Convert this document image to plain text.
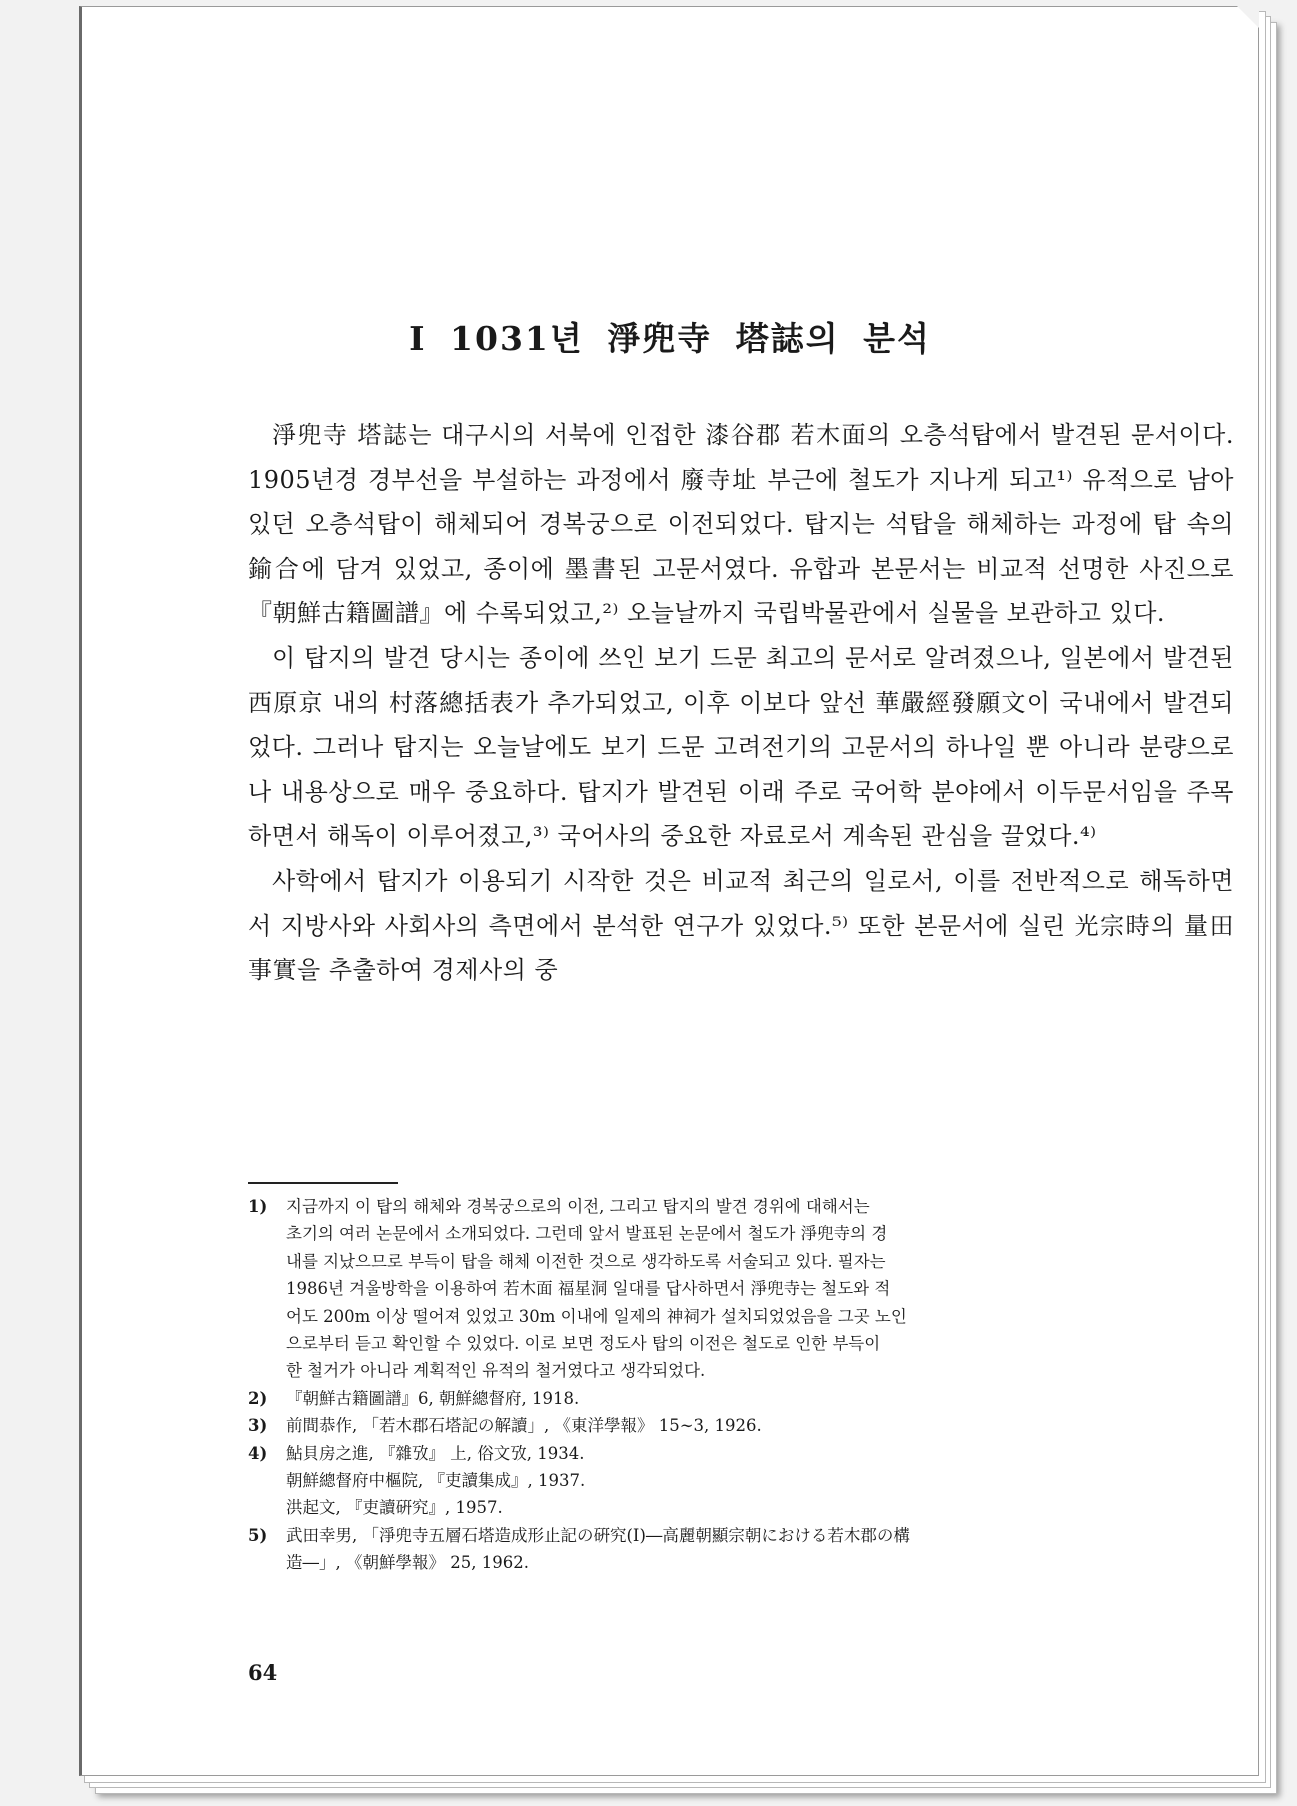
I 1031년 淨兜寺 塔誌의 분석

淨兜寺 塔誌는 대구시의 서북에 인접한 漆谷郡 若木面의 오층석탑에서 발견된 문서이다. 1905년경 경부선을 부설하는 과정에서 廢寺址 부근에 철도가 지나게 되고¹⁾ 유적으로 남아 있던 오층석탑이 해체되어 경복궁으로 이전되었다. 탑지는 석탑을 해체하는 과정에 탑 속의 鍮合에 담겨 있었고, 종이에 墨書된 고문서였다. 유합과 본문서는 비교적 선명한 사진으로 『朝鮮古籍圖譜』에 수록되었고,²⁾ 오늘날까지 국립박물관에서 실물을 보관하고 있다.

이 탑지의 발견 당시는 종이에 쓰인 보기 드문 최고의 문서로 알려졌으나, 일본에서 발견된 西原京 내의 村落總括表가 추가되었고, 이후 이보다 앞선 華嚴經發願文이 국내에서 발견되었다. 그러나 탑지는 오늘날에도 보기 드문 고려전기의 고문서의 하나일 뿐 아니라 분량으로나 내용상으로 매우 중요하다. 탑지가 발견된 이래 주로 국어학 분야에서 이두문서임을 주목하면서 해독이 이루어졌고,³⁾ 국어사의 중요한 자료로서 계속된 관심을 끌었다.⁴⁾

사학에서 탑지가 이용되기 시작한 것은 비교적 최근의 일로서, 이를 전반적으로 해독하면서 지방사와 사회사의 측면에서 분석한 연구가 있었다.⁵⁾ 또한 본문서에 실린 光宗時의 量田事實을 추출하여 경제사의 중

1) 지금까지 이 탑의 해체와 경복궁으로의 이전, 그리고 탑지의 발견 경위에 대해서는
초기의 여러 논문에서 소개되었다. 그런데 앞서 발표된 논문에서 철도가 淨兜寺의 경
내를 지났으므로 부득이 탑을 해체 이전한 것으로 생각하도록 서술되고 있다. 필자는
1986년 겨울방학을 이용하여 若木面 福星洞 일대를 답사하면서 淨兜寺는 철도와 적
어도 200m 이상 떨어져 있었고 30m 이내에 일제의 神祠가 설치되었었음을 그곳 노인
으로부터 듣고 확인할 수 있었다. 이로 보면 정도사 탑의 이전은 철도로 인한 부득이
한 철거가 아니라 계획적인 유적의 철거였다고 생각되었다.
2) 『朝鮮古籍圖譜』6, 朝鮮總督府, 1918.
3) 前間恭作, 「若木郡石塔記の解讀」, 《東洋學報》 15∼3, 1926.
4) 鮎貝房之進, 『雜攷』 上, 俗文攷, 1934.
朝鮮總督府中樞院, 『吏讀集成』, 1937.
洪起文, 『吏讀硏究』, 1957.
5) 武田幸男, 「淨兜寺五層石塔造成形止記の硏究(Ⅰ)―高麗朝顯宗朝における若木郡の構
造―」, 《朝鮮學報》 25, 1962.
64
